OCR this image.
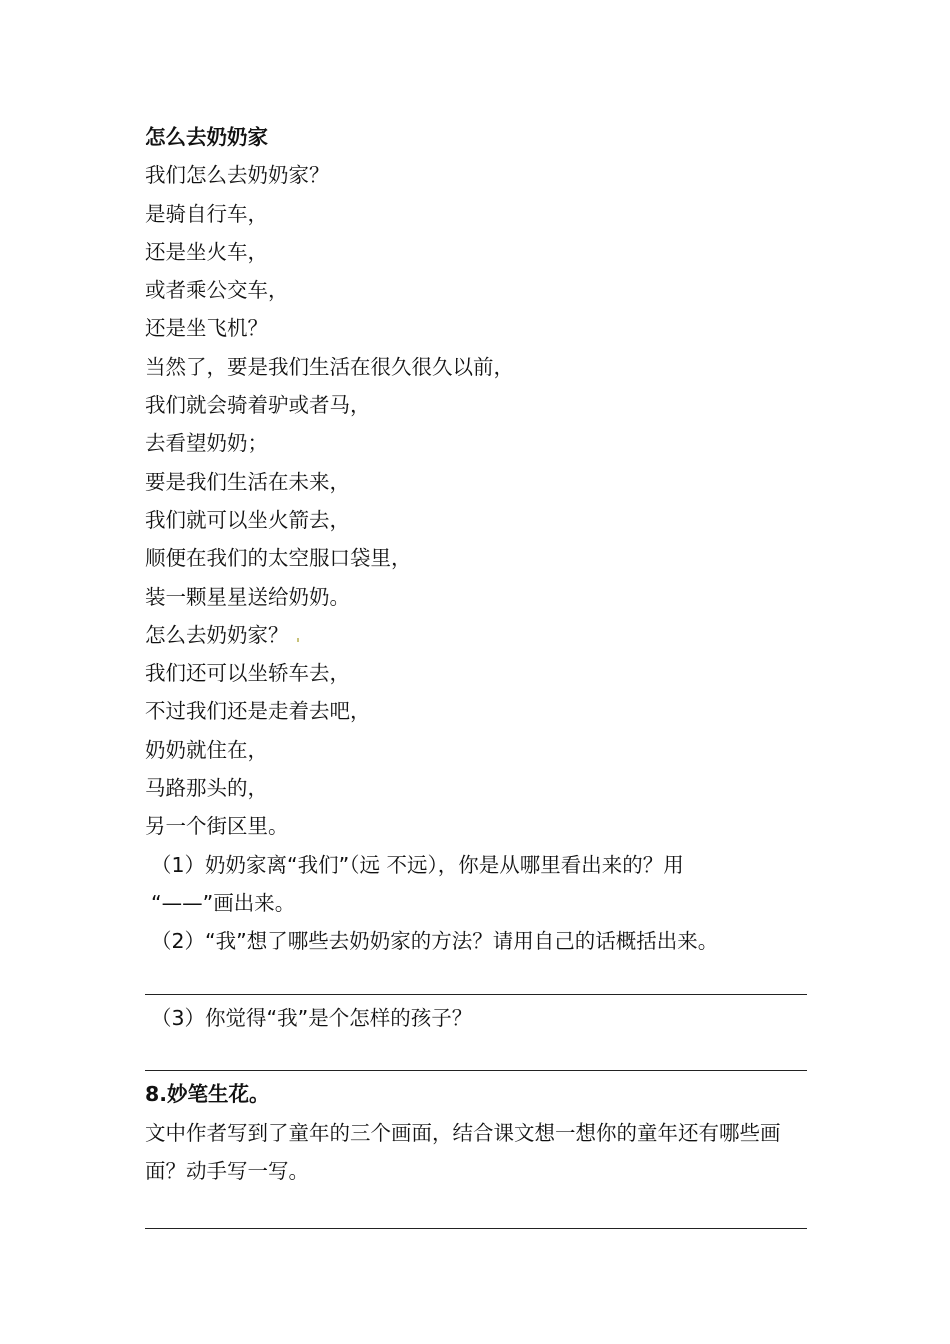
怎么去奶奶家
我们怎么去奶奶家？
是骑自行车，
还是坐火车，
或者乘公交车，
还是坐飞机？
当然了，要是我们生活在很久很久以前，
我们就会骑着驴或者马，
去看望奶奶；
要是我们生活在未来，
我们就可以坐火箭去，
顺便在我们的太空服口袋里，
装一颗星星送给奶奶。
怎么去奶奶家？
我们还可以坐轿车去，
不过我们还是走着去吧，
奶奶就住在，
马路那头的，
另一个街区里。
（1）奶奶家离“我们”（远 不远），你是从哪里看出来的？用
“——”画出来。
（2）“我”想了哪些去奶奶家的方法？请用自己的话概括出来。
（3）你觉得“我”是个怎样的孩子？
8.妙笔生花。
文中作者写到了童年的三个画面，结合课文想一想你的童年还有哪些画面？动手写一写。
